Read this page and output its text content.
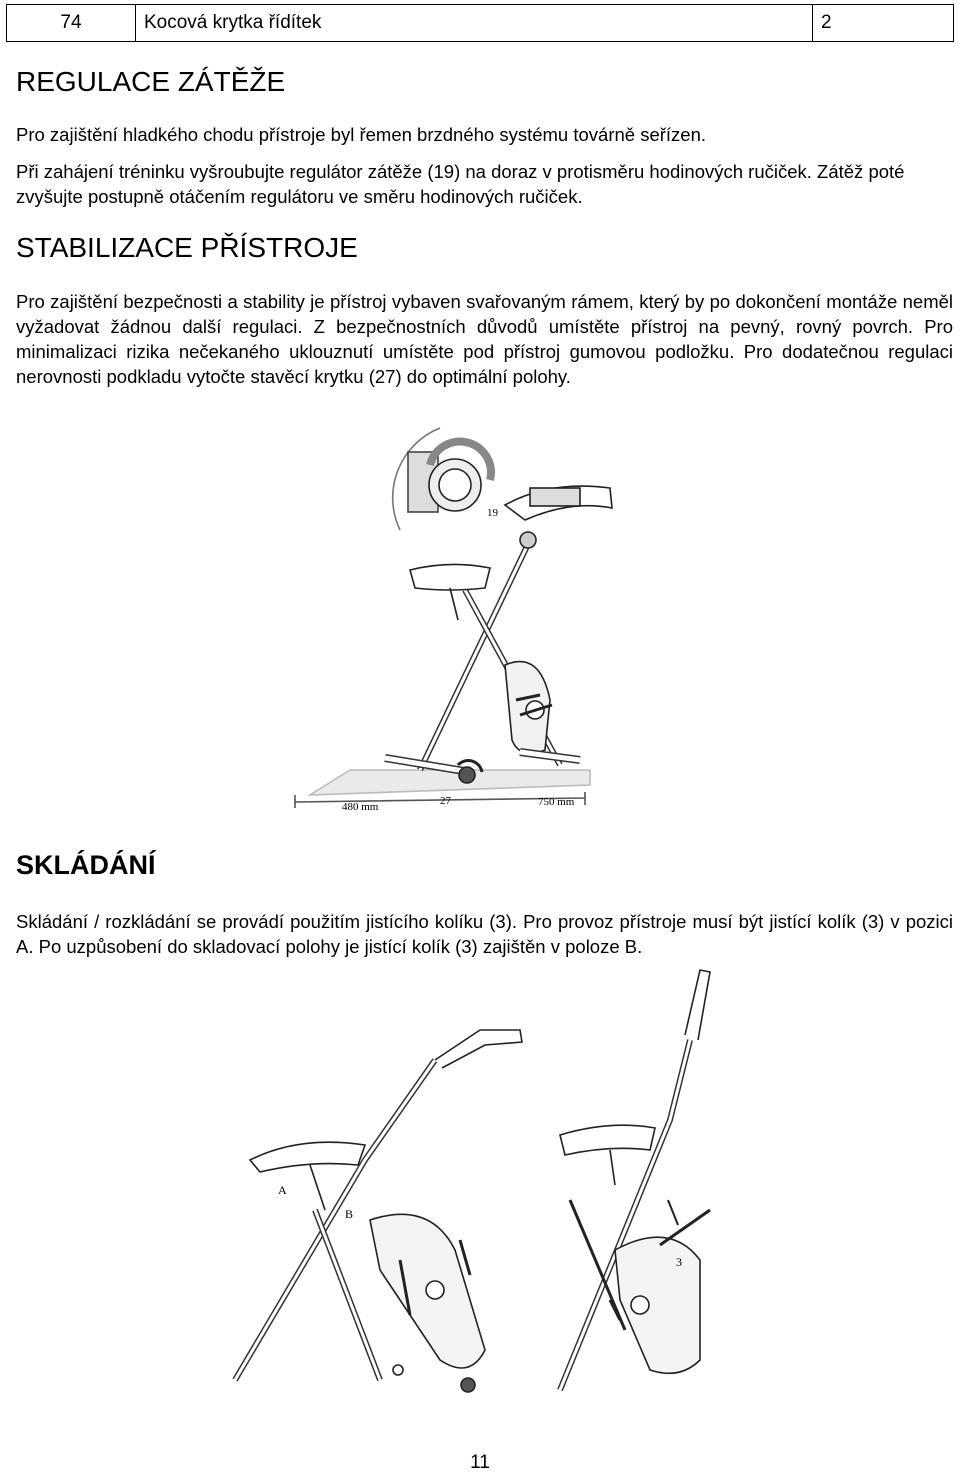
74	Kocová krytka řídítek	2
REGULACE ZÁTĚŽE

Pro zajištění hladkého chodu přístroje byl řemen brzdného systému továrně seřízen.

Při zahájení tréninku vyšroubujte regulátor zátěže (19) na doraz v protisměru hodinových ručiček. Zátěž poté zvyšujte postupně otáčením regulátoru ve směru hodinových ručiček.

STABILIZACE PŘÍSTROJE

Pro zajištění bezpečnosti a stability je přístroj vybaven svařovaným rámem, který by po dokončení montáže neměl vyžadovat žádnou další regulaci. Z bezpečnostních důvodů umístěte přístroj na pevný, rovný povrch. Pro minimalizaci rizika nečekaného uklouznutí umístěte pod přístroj gumovou podložku. Pro dodatečnou regulaci nerovnosti podkladu vytočte stavěcí krytku (27) do optimální polohy.

19
27
480 mm	750 mm
SKLÁDÁNÍ

Skládání / rozkládání se provádí použitím jistícího kolíku (3). Pro provoz přístroje musí být jistící kolík (3) v pozici A. Po uzpůsobení do skladovací polohy je jistící kolík (3) zajištěn v poloze B.

A
B
3
11
